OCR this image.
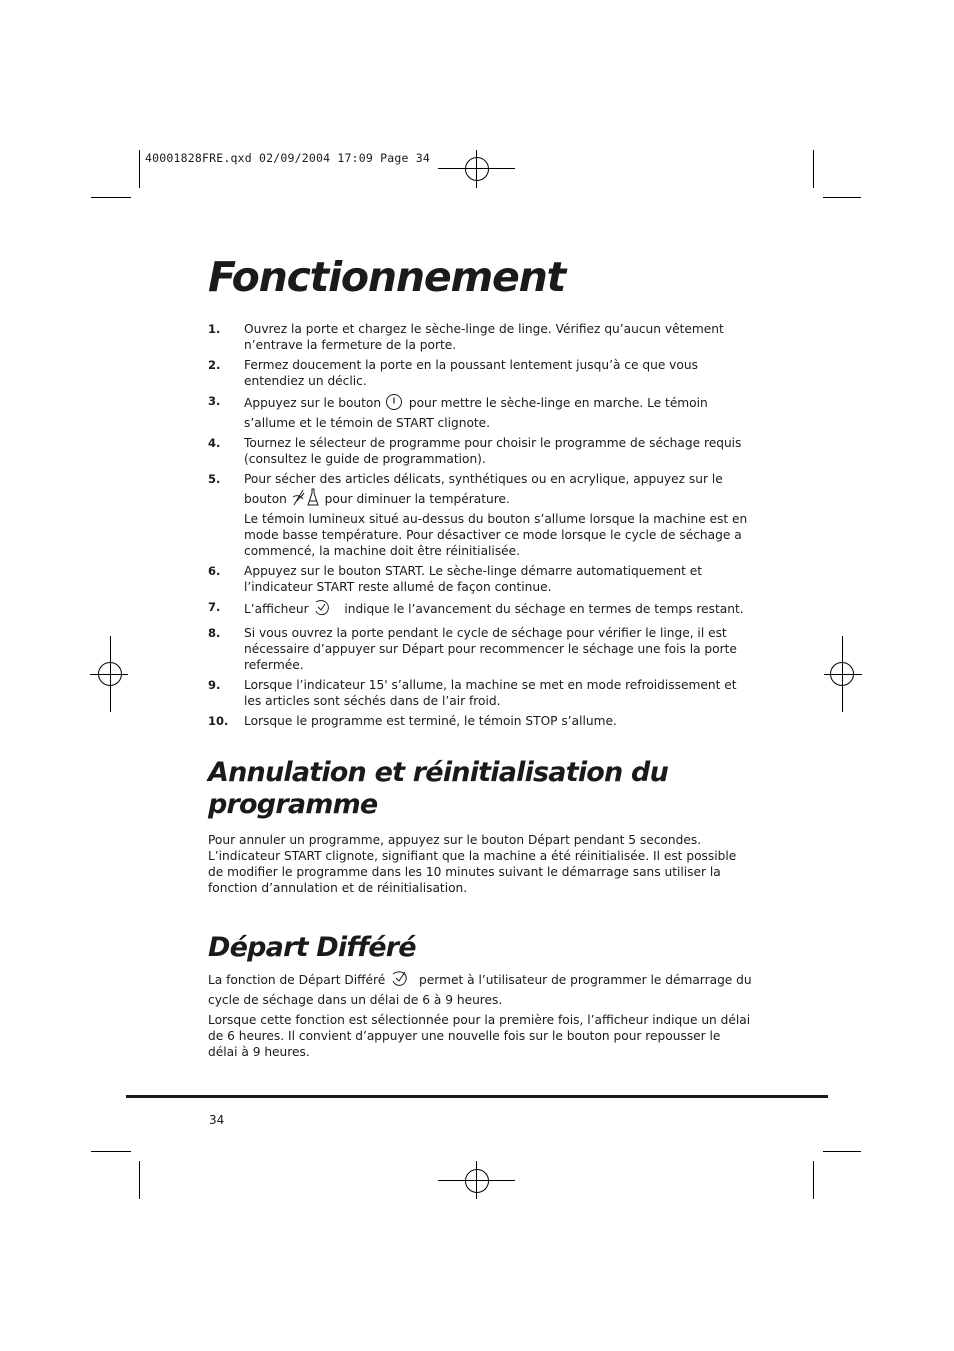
40001828FRE.qxd 02/09/2004 17:09 Page 34
Fonctionnement
1. Ouvrez la porte et chargez le sèche-linge de linge. Vérifiez qu’aucun vêtement n’entrave la fermeture de la porte.
2. Fermez doucement la porte en la poussant lentement jusqu’à ce que vous entendiez un déclic.
3. Appuyez sur le bouton pour mettre le sèche-linge en marche. Le témoin s’allume et le témoin de START clignote.
4. Tournez le sélecteur de programme pour choisir le programme de séchage requis (consultez le guide de programmation).
5. Pour sécher des articles délicats, synthétiques ou en acrylique, appuyez sur le
bouton	pour diminuer la température.
Le témoin lumineux situé au-dessus du bouton s’allume lorsque la machine est en mode basse température. Pour désactiver ce mode lorsque le cycle de séchage a commencé, la machine doit être réinitialisée.
6. Appuyez sur le bouton START. Le sèche-linge démarre automatiquement et l’indicateur START reste allumé de façon continue.
7. L’afficheur	indique le l’avancement du séchage en termes de temps restant.
8. Si vous ouvrez la porte pendant le cycle de séchage pour vérifier le linge, il est nécessaire d’appuyer sur Départ pour recommencer le séchage une fois la porte refermée.
9. Lorsque l’indicateur 15' s’allume, la machine se met en mode refroidissement et les articles sont séchés dans de l’air froid.
10. Lorsque le programme est terminé, le témoin STOP s’allume.
Annulation et réinitialisation du
programme

Pour annuler un programme, appuyez sur le bouton Départ pendant 5 secondes. L’indicateur START clignote, signifiant que la machine a été réinitialisée. Il est possible de modifier le programme dans les 10 minutes suivant le démarrage sans utiliser la fonction d’annulation et de réinitialisation.

Départ Différé

La fonction de Départ Différé	permet à l’utilisateur de programmer le démarrage du cycle de séchage dans un délai de 6 à 9 heures.

Lorsque cette fonction est sélectionnée pour la première fois, l’afficheur indique un délai de 6 heures. Il convient d’appuyer une nouvelle fois sur le bouton pour repousser le délai à 9 heures.

34
